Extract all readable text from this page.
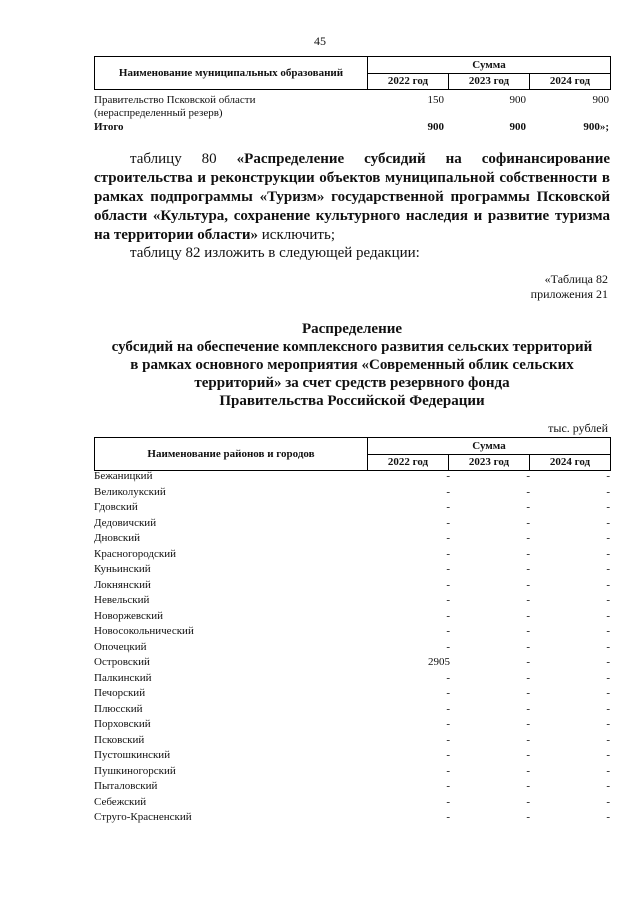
45
Наименование муниципальных образований	Сумма		
	2022 год	2023 год	2024 год
Правительство Псковской области
(нераспределенный резерв)
150	900	900
Итого	900	900	900»;
таблицу 80 «Распределение субсидий на софинансирование строительства и реконструкции объектов муниципальной собственности в рамках подпрограммы «Туризм» государственной программы Псковской области «Культура, сохранение культурного наследия и развитие туризма на территории области» исключить;
таблицу 82 изложить в следующей редакции:
«Таблица 82
приложения 21
Распределение
субсидий на обеспечение комплексного развития сельских территорий
в рамках основного мероприятия «Современный облик сельских
территорий» за счет средств резервного фонда
Правительства Российской Федерации
тыс. рублей
Наименование районов и городов	Сумма		
	2022 год	2023 год	2024 год
Бежаницкий	-	-	-
Великолукский	-	-	-
Гдовский	-	-	-
Дедовичский	-	-	-
Дновский	-	-	-
Красногородский	-	-	-
Куньинский	-	-	-
Локнянский	-	-	-
Невельский	-	-	-
Новоржевский	-	-	-
Новосокольнический	-	-	-
Опочецкий	-	-	-
Островский	2905	-	-
Палкинский	-	-	-
Печорский	-	-	-
Плюсский	-	-	-
Порховский	-	-	-
Псковский	-	-	-
Пустошкинский	-	-	-
Пушкиногорский	-	-	-
Пыталовский	-	-	-
Себежский	-	-	-
Струго-Красненский	-	-	-
